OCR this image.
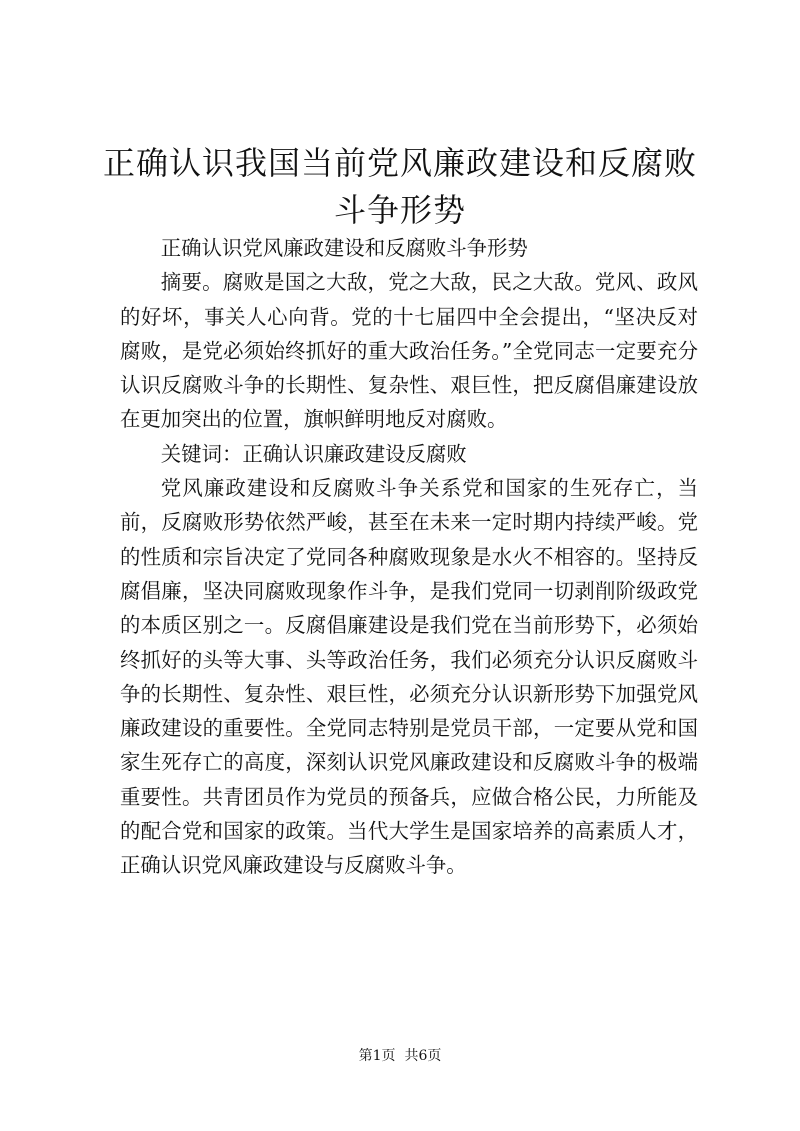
正确认识我国当前党风廉政建设和反腐败斗争形势

正确认识党风廉政建设和反腐败斗争形势

摘要。腐败是国之大敌，党之大敌，民之大敌。党风、政风的好坏，事关人心向背。党的十七届四中全会提出，“坚决反对腐败，是党必须始终抓好的重大政治任务。”全党同志一定要充分认识反腐败斗争的长期性、复杂性、艰巨性，把反腐倡廉建设放在更加突出的位置，旗帜鲜明地反对腐败。

关键词：正确认识廉政建设反腐败

党风廉政建设和反腐败斗争关系党和国家的生死存亡，当前，反腐败形势依然严峻，甚至在未来一定时期内持续严峻。党的性质和宗旨决定了党同各种腐败现象是水火不相容的。坚持反腐倡廉，坚决同腐败现象作斗争，是我们党同一切剥削阶级政党的本质区别之一。反腐倡廉建设是我们党在当前形势下，必须始终抓好的头等大事、头等政治任务，我们必须充分认识反腐败斗争的长期性、复杂性、艰巨性，必须充分认识新形势下加强党风廉政建设的重要性。全党同志特别是党员干部，一定要从党和国家生死存亡的高度，深刻认识党风廉政建设和反腐败斗争的极端重要性。共青团员作为党员的预备兵，应做合格公民，力所能及的配合党和国家的政策。当代大学生是国家培养的高素质人才，正确认识党风廉政建设与反腐败斗争。

第1页 共6页
